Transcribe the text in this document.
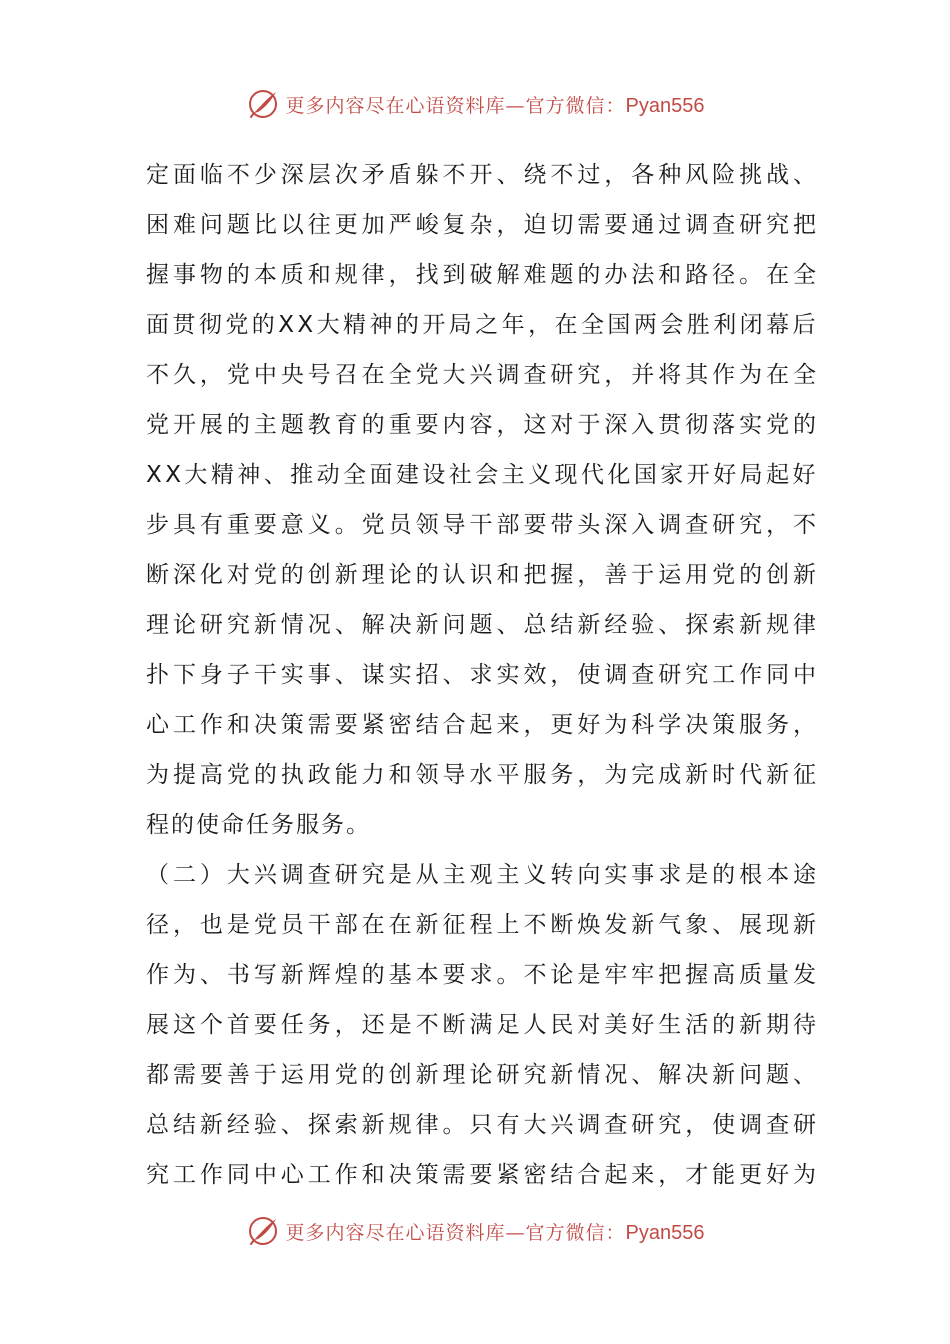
更多内容尽在心语资料库—官方微信：Pyan556
定面临不少深层次矛盾躲不开、绕不过，各种风险挑战、
困难问题比以往更加严峻复杂，迫切需要通过调查研究把
握事物的本质和规律，找到破解难题的办法和路径。在全
面贯彻党的XX大精神的开局之年，在全国两会胜利闭幕后
不久，党中央号召在全党大兴调查研究，并将其作为在全
党开展的主题教育的重要内容，这对于深入贯彻落实党的
XX大精神、推动全面建设社会主义现代化国家开好局起好
步具有重要意义。党员领导干部要带头深入调查研究，不
断深化对党的创新理论的认识和把握，善于运用党的创新
理论研究新情况、解决新问题、总结新经验、探索新规律
扑下身子干实事、谋实招、求实效，使调查研究工作同中
心工作和决策需要紧密结合起来，更好为科学决策服务，
为提高党的执政能力和领导水平服务，为完成新时代新征
程的使命任务服务。
（二）大兴调查研究是从主观主义转向实事求是的根本途
径，也是党员干部在在新征程上不断焕发新气象、展现新
作为、书写新辉煌的基本要求。不论是牢牢把握高质量发
展这个首要任务，还是不断满足人民对美好生活的新期待
都需要善于运用党的创新理论研究新情况、解决新问题、
总结新经验、探索新规律。只有大兴调查研究，使调查研
究工作同中心工作和决策需要紧密结合起来，才能更好为
更多内容尽在心语资料库—官方微信：Pyan556
